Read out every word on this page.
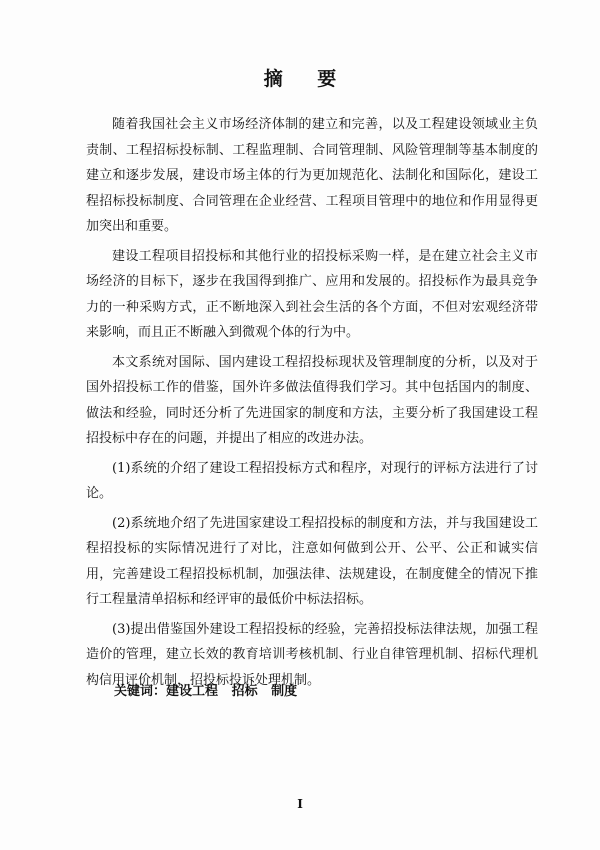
摘 要

随着我国社会主义市场经济体制的建立和完善，以及工程建设领域业主负责制、工程招标投标制、工程监理制、合同管理制、风险管理制等基本制度的建立和逐步发展，建设市场主体的行为更加规范化、法制化和国际化，建设工程招标投标制度、合同管理在企业经营、工程项目管理中的地位和作用显得更加突出和重要。

建设工程项目招投标和其他行业的招投标采购一样，是在建立社会主义市场经济的目标下，逐步在我国得到推广、应用和发展的。招投标作为最具竞争力的一种采购方式，正不断地深入到社会生活的各个方面，不但对宏观经济带来影响，而且正不断融入到微观个体的行为中。

本文系统对国际、国内建设工程招投标现状及管理制度的分析，以及对于国外招投标工作的借鉴，国外许多做法值得我们学习。其中包括国内的制度、做法和经验，同时还分析了先进国家的制度和方法，主要分析了我国建设工程招投标中存在的问题，并提出了相应的改进办法。

(1)系统的介绍了建设工程招投标方式和程序，对现行的评标方法进行了讨论。

(2)系统地介绍了先进国家建设工程招投标的制度和方法，并与我国建设工程招投标的实际情况进行了对比，注意如何做到公开、公平、公正和诚实信用，完善建设工程招投标机制，加强法律、法规建设，在制度健全的情况下推行工程量清单招标和经评审的最低价中标法招标。

(3)提出借鉴国外建设工程招投标的经验，完善招投标法律法规，加强工程造价的管理，建立长效的教育培训考核机制、行业自律管理机制、招标代理机构信用评价机制，招投标投诉处理机制。

关键词：建设工程   招标   制度
I
